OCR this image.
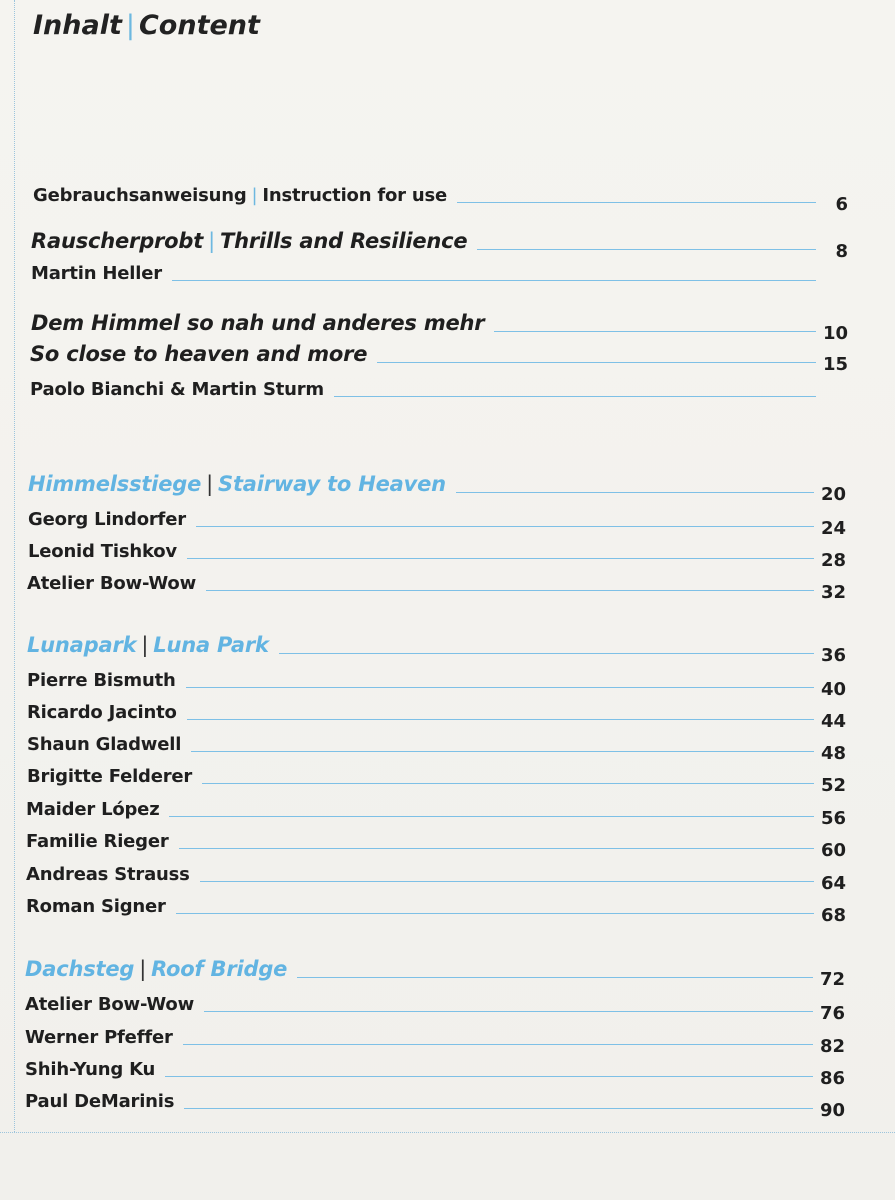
Inhalt | Content
Gebrauchsanweisung | Instruction for use	6
Rauscherprobt | Thrills and Resilience	8
Martin Heller
Dem Himmel so nah und anderes mehr	10
So close to heaven and more	15
Paolo Bianchi & Martin Sturm
Himmelsstiege | Stairway to Heaven	20
Georg Lindorfer	24
Leonid Tishkov	28
Atelier Bow-Wow	32
Lunapark | Luna Park	36
Pierre Bismuth	40
Ricardo Jacinto	44
Shaun Gladwell	48
Brigitte Felderer	52
Maider López	56
Familie Rieger	60
Andreas Strauss	64
Roman Signer	68
Dachsteg | Roof Bridge	72
Atelier Bow-Wow	76
Werner Pfeffer	82
Shih-Yung Ku	86
Paul DeMarinis	90
